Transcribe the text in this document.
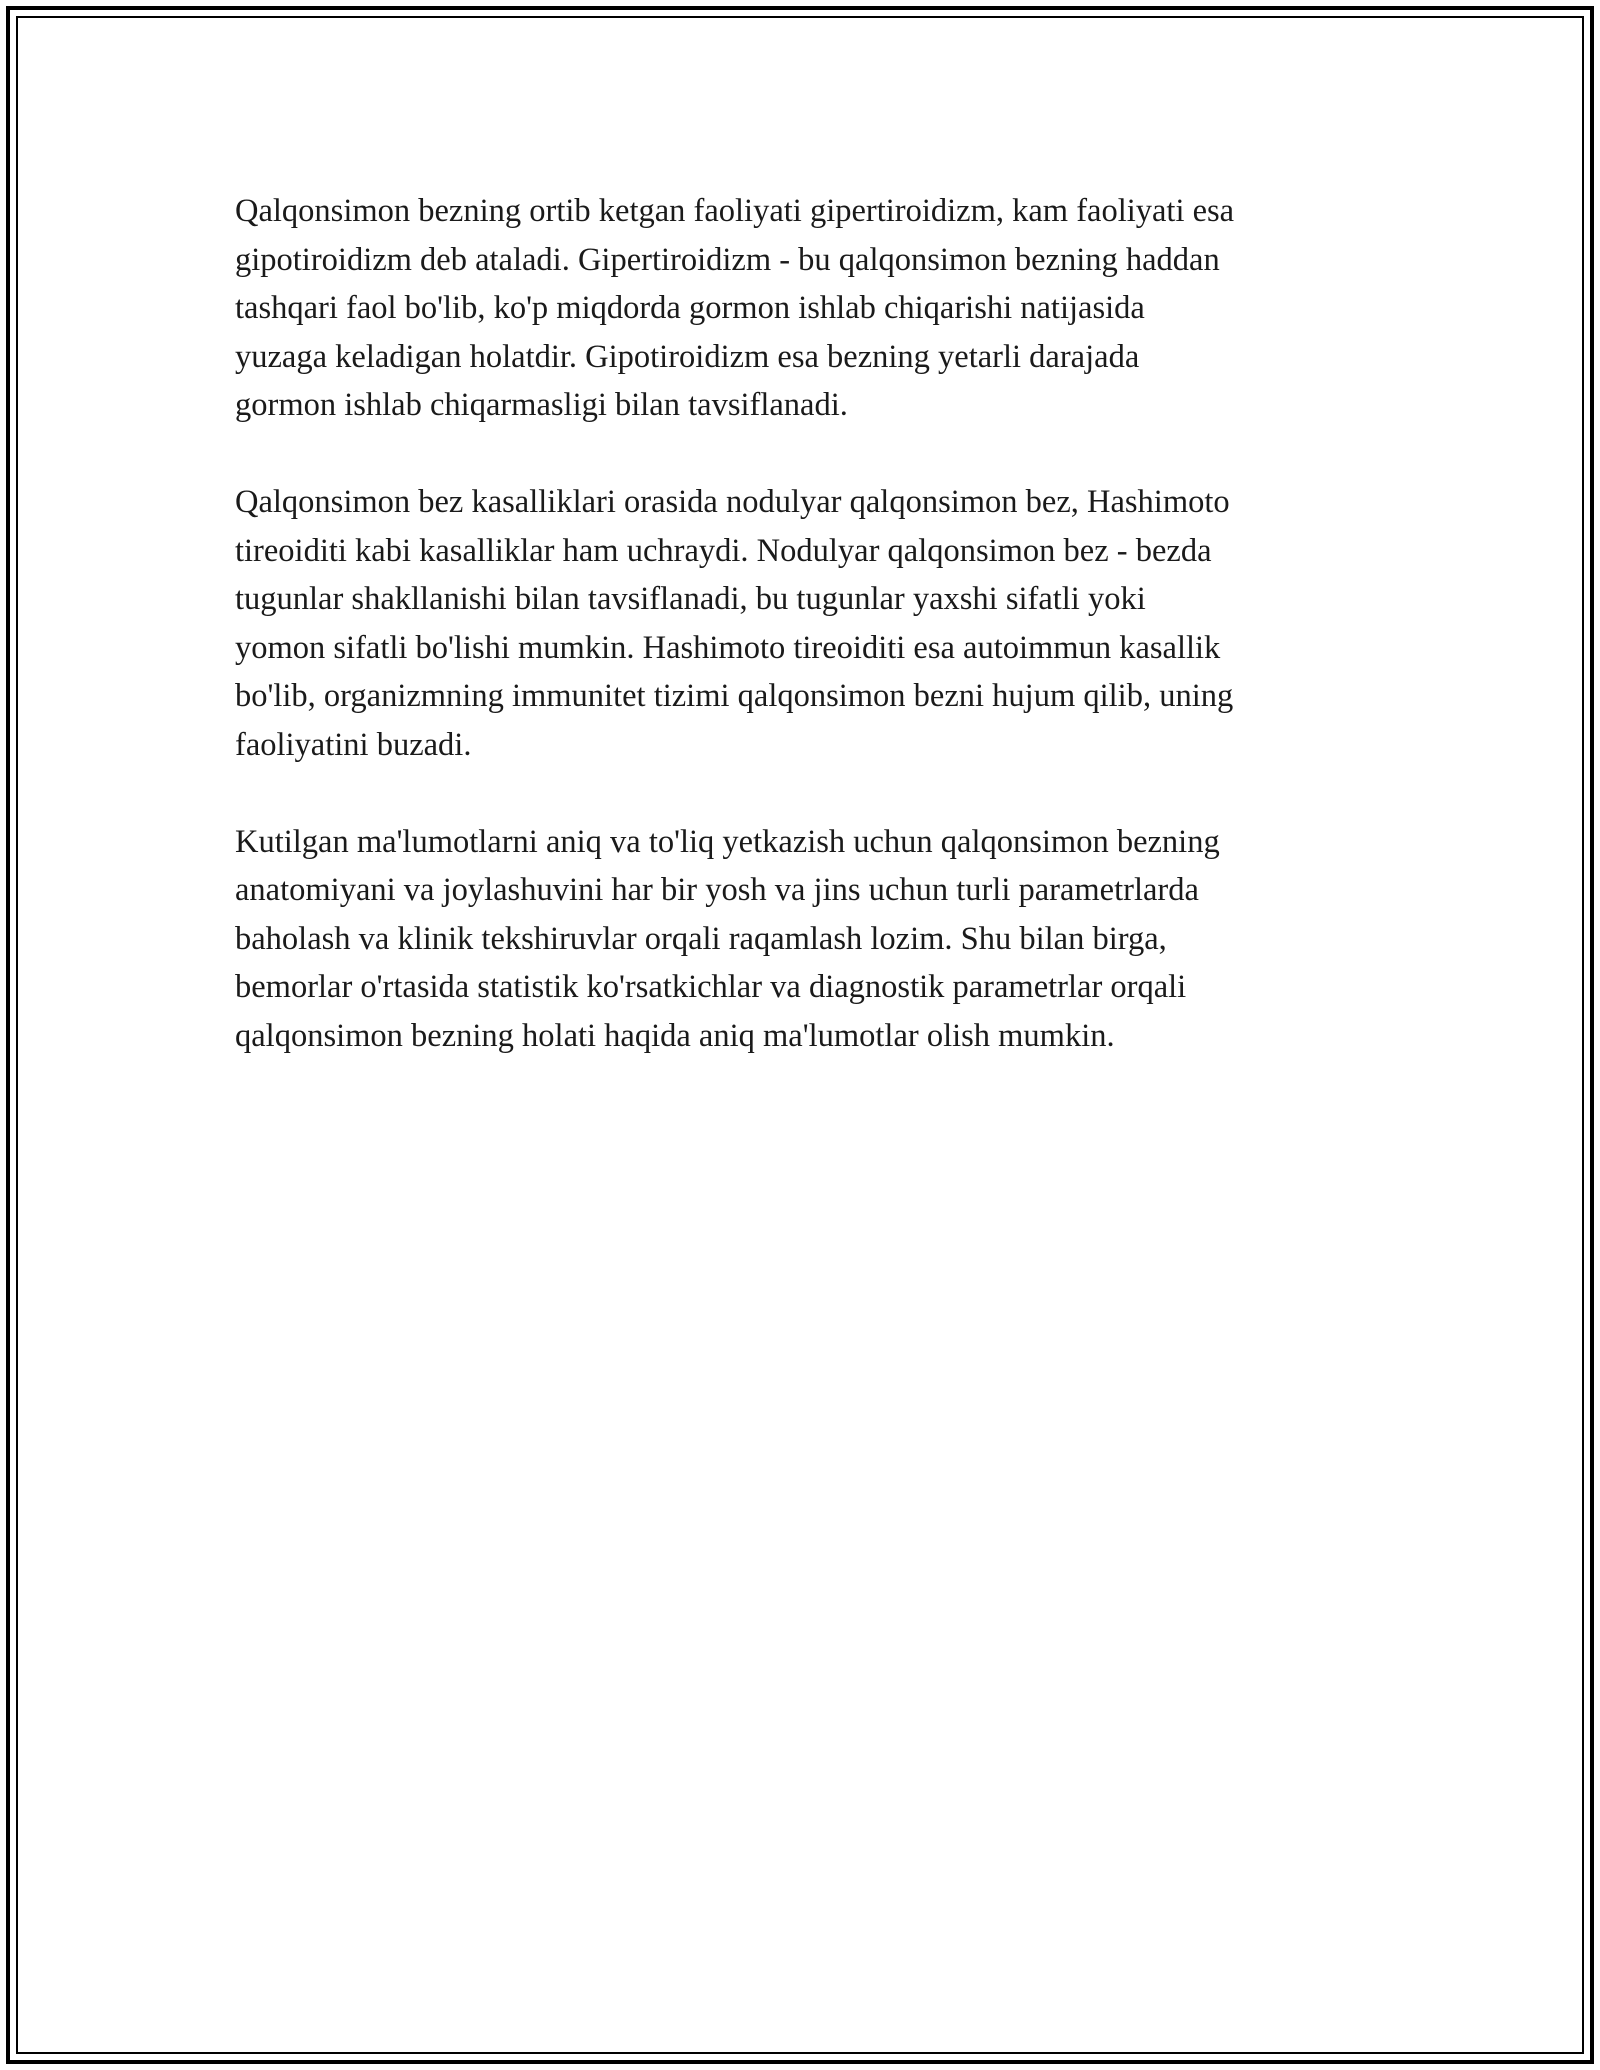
Qalqonsimon bezning ortib ketgan faoliyati gipertiroidizm, kam faoliyati esa
gipotiroidizm deb ataladi. Gipertiroidizm - bu qalqonsimon bezning haddan
tashqari faol bo'lib, ko'p miqdorda gormon ishlab chiqarishi natijasida
yuzaga keladigan holatdir. Gipotiroidizm esa bezning yetarli darajada
gormon ishlab chiqarmasligi bilan tavsiflanadi.

Qalqonsimon bez kasalliklari orasida nodulyar qalqonsimon bez, Hashimoto
tireoiditi kabi kasalliklar ham uchraydi. Nodulyar qalqonsimon bez - bezda
tugunlar shakllanishi bilan tavsiflanadi, bu tugunlar yaxshi sifatli yoki
yomon sifatli bo'lishi mumkin. Hashimoto tireoiditi esa autoimmun kasallik
bo'lib, organizmning immunitet tizimi qalqonsimon bezni hujum qilib, uning
faoliyatini buzadi.

Kutilgan ma'lumotlarni aniq va to'liq yetkazish uchun qalqonsimon bezning
anatomiyani va joylashuvini har bir yosh va jins uchun turli parametrlarda
baholash va klinik tekshiruvlar orqali raqamlash lozim. Shu bilan birga,
bemorlar o'rtasida statistik ko'rsatkichlar va diagnostik parametrlar orqali
qalqonsimon bezning holati haqida aniq ma'lumotlar olish mumkin.
